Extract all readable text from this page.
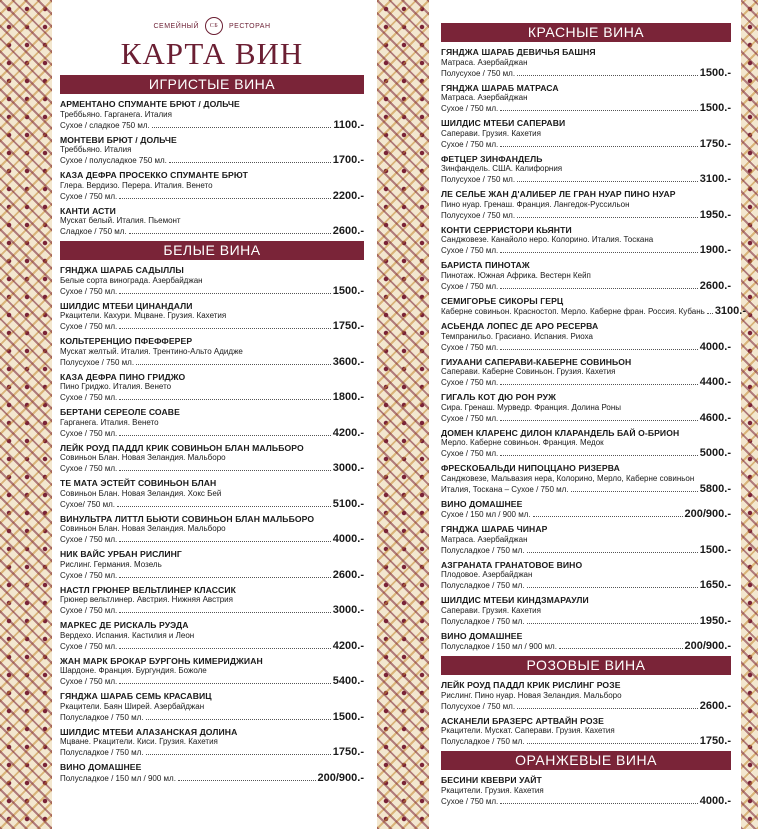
СЕМЕЙНЫЙ	СБ	РЕСТОРАН
КАРТА ВИН
ИГРИСТЫЕ ВИНА
АРМЕНТАНО СПУМАНТЕ БРЮТ / ДОЛЬЧЕ
Треббьяно. Гарганега. Италия
Сухое / сладкое 750 мл.	1100.-
МОНТЕВИ БРЮТ / ДОЛЬЧЕ
Треббьяно. Италия
Сухое / полусладкое 750 мл.	1700.-
КАЗА ДЕФРА ПРОСЕККО СПУМАНТЕ БРЮТ
Глера. Вердизо. Перера. Италия. Венето
Сухое / 750 мл.	2200.-
КАНТИ АСТИ
Мускат белый. Италия. Пьемонт
Сладкое / 750 мл.	2600.-
БЕЛЫЕ ВИНА
ГЯНДЖА ШАРАБ САДЫЛЛЫ
Белые сорта винограда. Азербайджан
Сухое / 750 мл.	1500.-
ШИЛДИС МТЕБИ ЦИНАНДАЛИ
Ркацители. Кахури. Мцване. Грузия. Кахетия
Сухое / 750 мл.	1750.-
КОЛЬТЕРЕНЦИО ПФЕФФЕРЕР
Мускат желтый. Италия. Трентино-Альто Адидже
Полусухое / 750 мл.	3600.-
КАЗА ДЕФРА ПИНО ГРИДЖО
Пино Гриджо. Италия. Венето
Сухое / 750 мл.	1800.-
БЕРТАНИ СЕРЕОЛЕ СОАВЕ
Гарганега. Италия. Венето
Сухое / 750 мл.	4200.-
ЛЕЙК РОУД ПАДДЛ КРИК СОВИНЬОН БЛАН МАЛЬБОРО
Совиньон Блан. Новая Зеландия. Мальборо
Сухое / 750 мл.	3000.-
ТЕ МАТА ЭСТЕЙТ СОВИНЬОН БЛАН
Совиньон Блан. Новая Зеландия. Хокс Бей
Сухое/ 750 мл.	5100.-
ВИНУЛЬТРА ЛИТТЛ БЬЮТИ СОВИНЬОН БЛАН МАЛЬБОРО
Совиньон Блан. Новая Зеландия. Мальборо
Сухое / 750 мл.	4000.-
НИК ВАЙС УРБАН РИСЛИНГ
Рислинг. Германия. Мозель
Сухое / 750 мл.	2600.-
НАСТЛ ГРЮНЕР ВЕЛЬТЛИНЕР КЛАССИК
Грюнер вельтлинер. Австрия. Нижняя Австрия
Сухое / 750 мл.	3000.-
МАРКЕС ДЕ РИСКАЛЬ РУЭДА
Вердехо. Испания. Кастилия и Леон
Сухое / 750 мл.	4200.-
ЖАН МАРК БРОКАР БУРГОНЬ КИМЕРИДЖИАН
Шардоне. Франция. Бургундия. Божоле
Сухое / 750 мл.	5400.-
ГЯНДЖА ШАРАБ СЕМЬ КРАСАВИЦ
Ркацители. Баян Ширей. Азербайджан
Полусладкое / 750 мл.	1500.-
ШИЛДИС МТЕБИ АЛАЗАНСКАЯ ДОЛИНА
Мцване. Ркацители. Киси. Грузия. Кахетия
Полусладкое / 750 мл.	1750.-
ВИНО ДОМАШНЕЕ
Полусладкое / 150 мл / 900 мл.	200/900.-
КРАСНЫЕ ВИНА
ГЯНДЖА ШАРАБ ДЕВИЧЬЯ БАШНЯ
Матраса. Азербайджан
Полусухое / 750 мл.	1500.-
ГЯНДЖА ШАРАБ МАТРАСА
Матраса. Азербайджан
Сухое / 750 мл.	1500.-
ШИЛДИС МТЕБИ САПЕРАВИ
Саперави. Грузия. Кахетия
Сухое / 750 мл.	1750.-
ФЕТЦЕР ЗИНФАНДЕЛЬ
Зинфандель. США. Калифорния
Полусухое / 750 мл.	3100.-
ЛЕ СЕЛЬЕ ЖАН Д'АЛИБЕР ЛЕ ГРАН НУАР ПИНО НУАР
Пино нуар. Гренаш. Франция. Лангедок-Руссильон
Полусухое / 750 мл.	1950.-
КОНТИ СЕРРИСТОРИ КЬЯНТИ
Санджовезе. Канайоло неро. Колорино. Италия. Тоскана
Сухое / 750 мл.	1900.-
БАРИСТА ПИНОТАЖ
Пинотаж. Южная Африка. Вестерн Кейп
Сухое / 750 мл.	2600.-
СЕМИГОРЬЕ СИКОРЫ ГЕРЦ
Каберне совиньон. Красностоп. Мерло. Каберне фран. Россия. Кубань 3100.-
АСЬЕНДА ЛОПЕС ДЕ АРО РЕСЕРВА
Темпранильо. Грасиано. Испания. Риоха
Сухое / 750 мл.	4000.-
ГИУААНИ САПЕРАВИ-КАБЕРНЕ СОВИНЬОН
Саперави. Каберне Совиньон. Грузия. Кахетия
Сухое / 750 мл.	4400.-
ГИГАЛЬ КОТ ДЮ РОН РУЖ
Сира. Гренаш. Мурведр. Франция. Долина Роны
Сухое / 750 мл.	4600.-
ДОМЕН КЛАРЕНС ДИЛОН КЛАРАНДЕЛЬ БАЙ О-БРИОН
Мерло. Каберне совиньон. Франция. Медок
Сухое / 750 мл.	5000.-
ФРЕСКОБАЛЬДИ НИПОЦЦАНО РИЗЕРВА
Санджовезе, Мальвазия нера, Колорино, Мерло, Каберне совиньон
Италия, Тоскана – Сухое / 750 мл.	5800.-
ВИНО ДОМАШНЕЕ
Сухое / 150 мл / 900 мл.	200/900.-
ГЯНДЖА ШАРАБ ЧИНАР
Матраса. Азербайджан
Полусладкое / 750 мл.	1500.-
АЗГРАНАТА ГРАНАТОВОЕ ВИНО
Плодовое. Азербайджан
Полусладкое / 750 мл.	1650.-
ШИЛДИС МТЕБИ КИНДЗМАРАУЛИ
Саперави. Грузия. Кахетия
Полусладкое / 750 мл.	1950.-
ВИНО ДОМАШНЕЕ
Полусладкое / 150 мл / 900 мл.	200/900.-
РОЗОВЫЕ ВИНА
ЛЕЙК РОУД ПАДДЛ КРИК РИСЛИНГ РОЗЕ
Рислинг. Пино нуар. Новая Зеландия. Мальборо
Полусухое / 750 мл.	2600.-
АСКАНЕЛИ БРАЗЕРС АРТВАЙН РОЗЕ
Ркацители. Мускат. Саперави. Грузия. Кахетия
Полусладкое / 750 мл.	1750.-
ОРАНЖЕВЫЕ ВИНА
БЕСИНИ КВЕВРИ УАЙТ
Ркацители. Грузия. Кахетия
Сухое / 750 мл.	4000.-
